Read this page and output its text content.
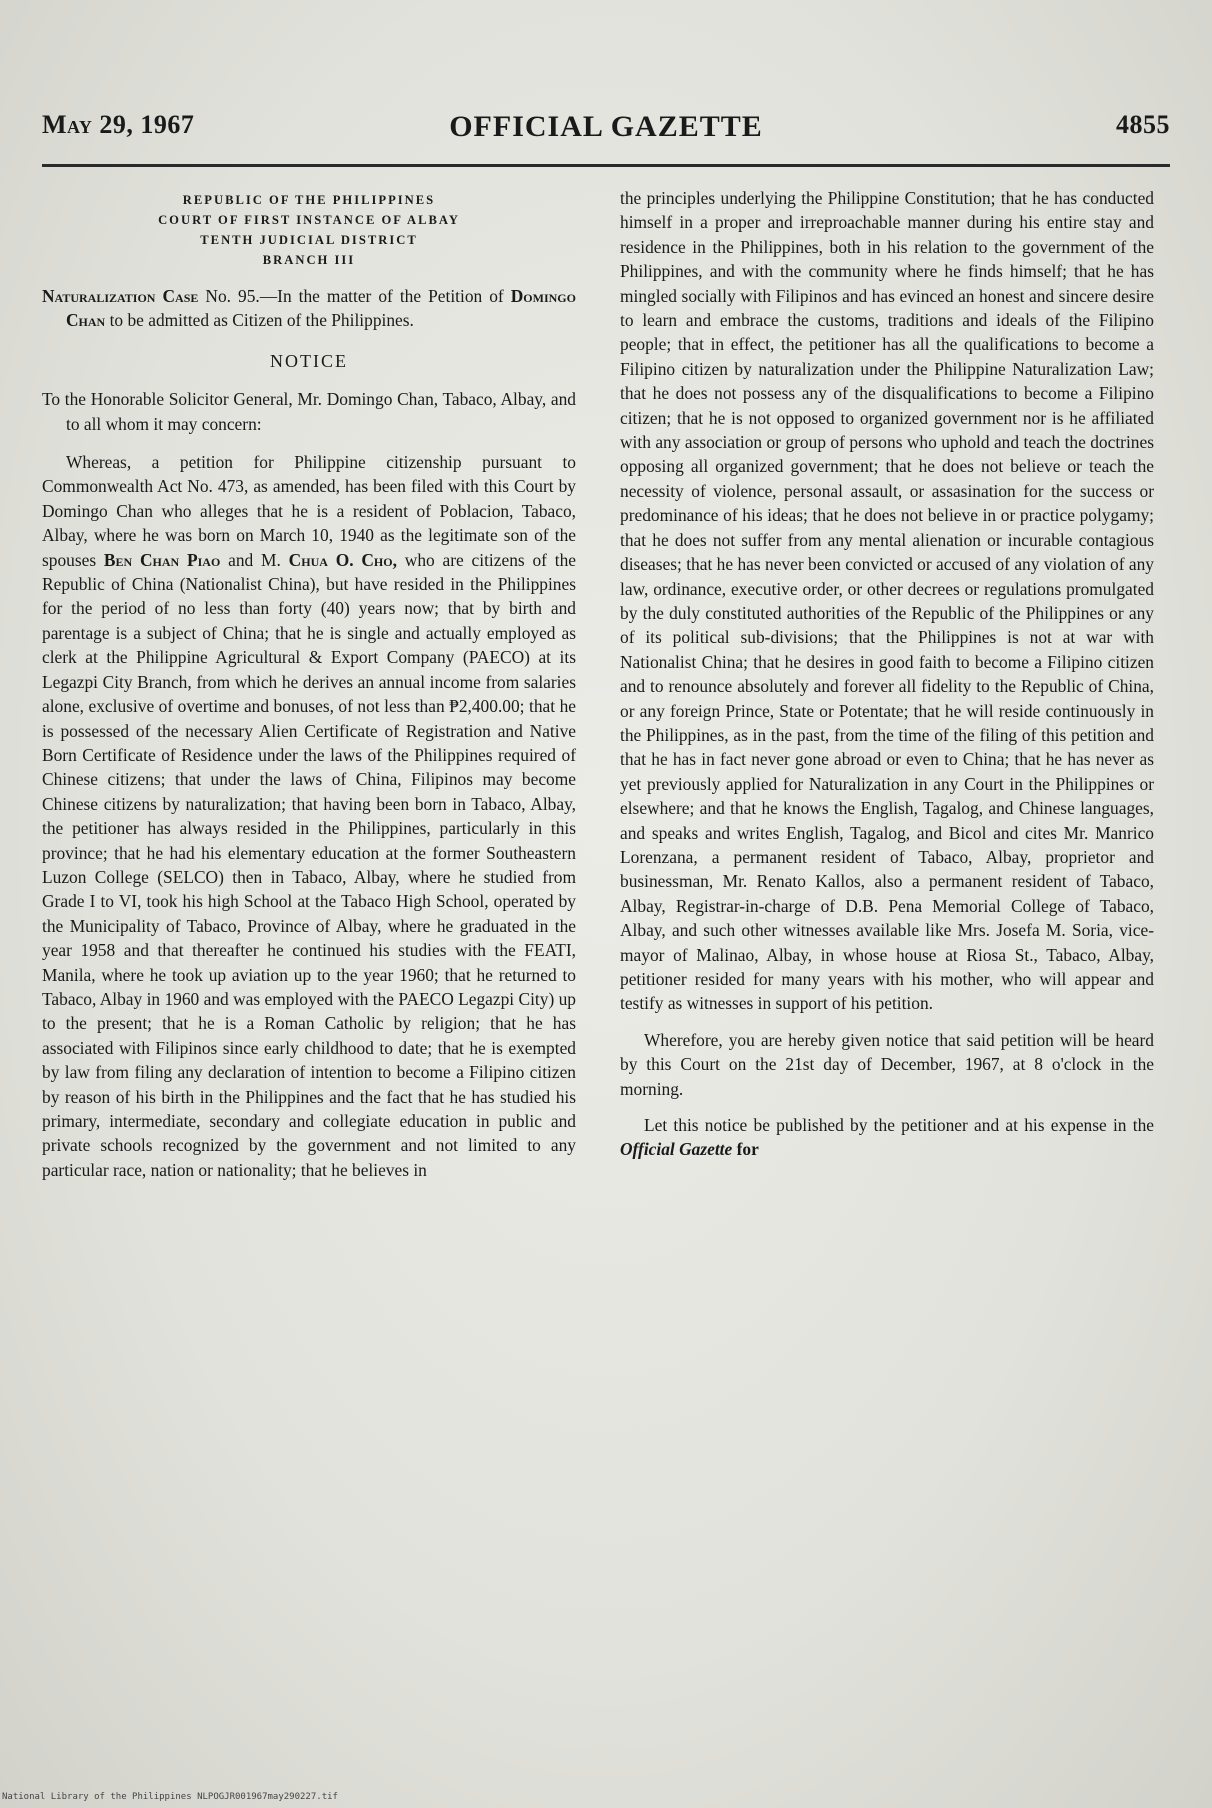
May 29, 1967	OFFICIAL GAZETTE	4855
REPUBLIC OF THE PHILIPPINES
COURT OF FIRST INSTANCE OF ALBAY
TENTH JUDICIAL DISTRICT
BRANCH III

Naturalization Case No. 95.—In the matter of the Petition of Domingo Chan to be admitted as Citizen of the Philippines.

NOTICE

To the Honorable Solicitor General, Mr. Domingo Chan, Tabaco, Albay, and to all whom it may concern:

Whereas, a petition for Philippine citizenship pursuant to Commonwealth Act No. 473, as amended, has been filed with this Court by Domingo Chan who alleges that he is a resident of Poblacion, Tabaco, Albay, where he was born on March 10, 1940 as the legitimate son of the spouses Ben Chan Piao and M. Chua O. Cho, who are citizens of the Republic of China (Nationalist China), but have resided in the Philippines for the period of no less than forty (40) years now; that by birth and parentage is a subject of China; that he is single and actually employed as clerk at the Philippine Agricultural & Export Company (PAECO) at its Legazpi City Branch, from which he derives an annual income from salaries alone, exclusive of overtime and bonuses, of not less than ₱2,400.00; that he is possessed of the necessary Alien Certificate of Registration and Native Born Certificate of Residence under the laws of the Philippines required of Chinese citizens; that under the laws of China, Filipinos may become Chinese citizens by naturalization; that having been born in Tabaco, Albay, the petitioner has always resided in the Philippines, particularly in this province; that he had his elementary education at the former Southeastern Luzon College (SELCO) then in Tabaco, Albay, where he studied from Grade I to VI, took his high School at the Tabaco High School, operated by the Municipality of Tabaco, Province of Albay, where he graduated in the year 1958 and that thereafter he continued his studies with the FEATI, Manila, where he took up aviation up to the year 1960; that he returned to Tabaco, Albay in 1960 and was employed with the PAECO Legazpi City) up to the present; that he is a Roman Catholic by religion; that he has associated with Filipinos since early childhood to date; that he is exempted by law from filing any declaration of intention to become a Filipino citizen by reason of his birth in the Philippines and the fact that he has studied his primary, intermediate, secondary and collegiate education in public and private schools recognized by the government and not limited to any particular race, nation or nationality; that he believes in

the principles underlying the Philippine Constitution; that he has conducted himself in a proper and irreproachable manner during his entire stay and residence in the Philippines, both in his relation to the government of the Philippines, and with the community where he finds himself; that he has mingled socially with Filipinos and has evinced an honest and sincere desire to learn and embrace the customs, traditions and ideals of the Filipino people; that in effect, the petitioner has all the qualifications to become a Filipino citizen by naturalization under the Philippine Naturalization Law; that he does not possess any of the disqualifications to become a Filipino citizen; that he is not opposed to organized government nor is he affiliated with any association or group of persons who uphold and teach the doctrines opposing all organized government; that he does not believe or teach the necessity of violence, personal assault, or assasination for the success or predominance of his ideas; that he does not believe in or practice polygamy; that he does not suffer from any mental alienation or incurable contagious diseases; that he has never been convicted or accused of any violation of any law, ordinance, executive order, or other decrees or regulations promulgated by the duly constituted authorities of the Republic of the Philippines or any of its political sub-divisions; that the Philippines is not at war with Nationalist China; that he desires in good faith to become a Filipino citizen and to renounce absolutely and forever all fidelity to the Republic of China, or any foreign Prince, State or Potentate; that he will reside continuously in the Philippines, as in the past, from the time of the filing of this petition and that he has in fact never gone abroad or even to China; that he has never as yet previously applied for Naturalization in any Court in the Philippines or elsewhere; and that he knows the English, Tagalog, and Chinese languages, and speaks and writes English, Tagalog, and Bicol and cites Mr. Manrico Lorenzana, a permanent resident of Tabaco, Albay, proprietor and businessman, Mr. Renato Kallos, also a permanent resident of Tabaco, Albay, Registrar-in-charge of D.B. Pena Memorial College of Tabaco, Albay, and such other witnesses available like Mrs. Josefa M. Soria, vice-mayor of Malinao, Albay, in whose house at Riosa St., Tabaco, Albay, petitioner resided for many years with his mother, who will appear and testify as witnesses in support of his petition.

Wherefore, you are hereby given notice that said petition will be heard by this Court on the 21st day of December, 1967, at 8 o'clock in the morning.

Let this notice be published by the petitioner and at his expense in the Official Gazette for

National Library of the Philippines NLPOGJR001967may290227.tif
